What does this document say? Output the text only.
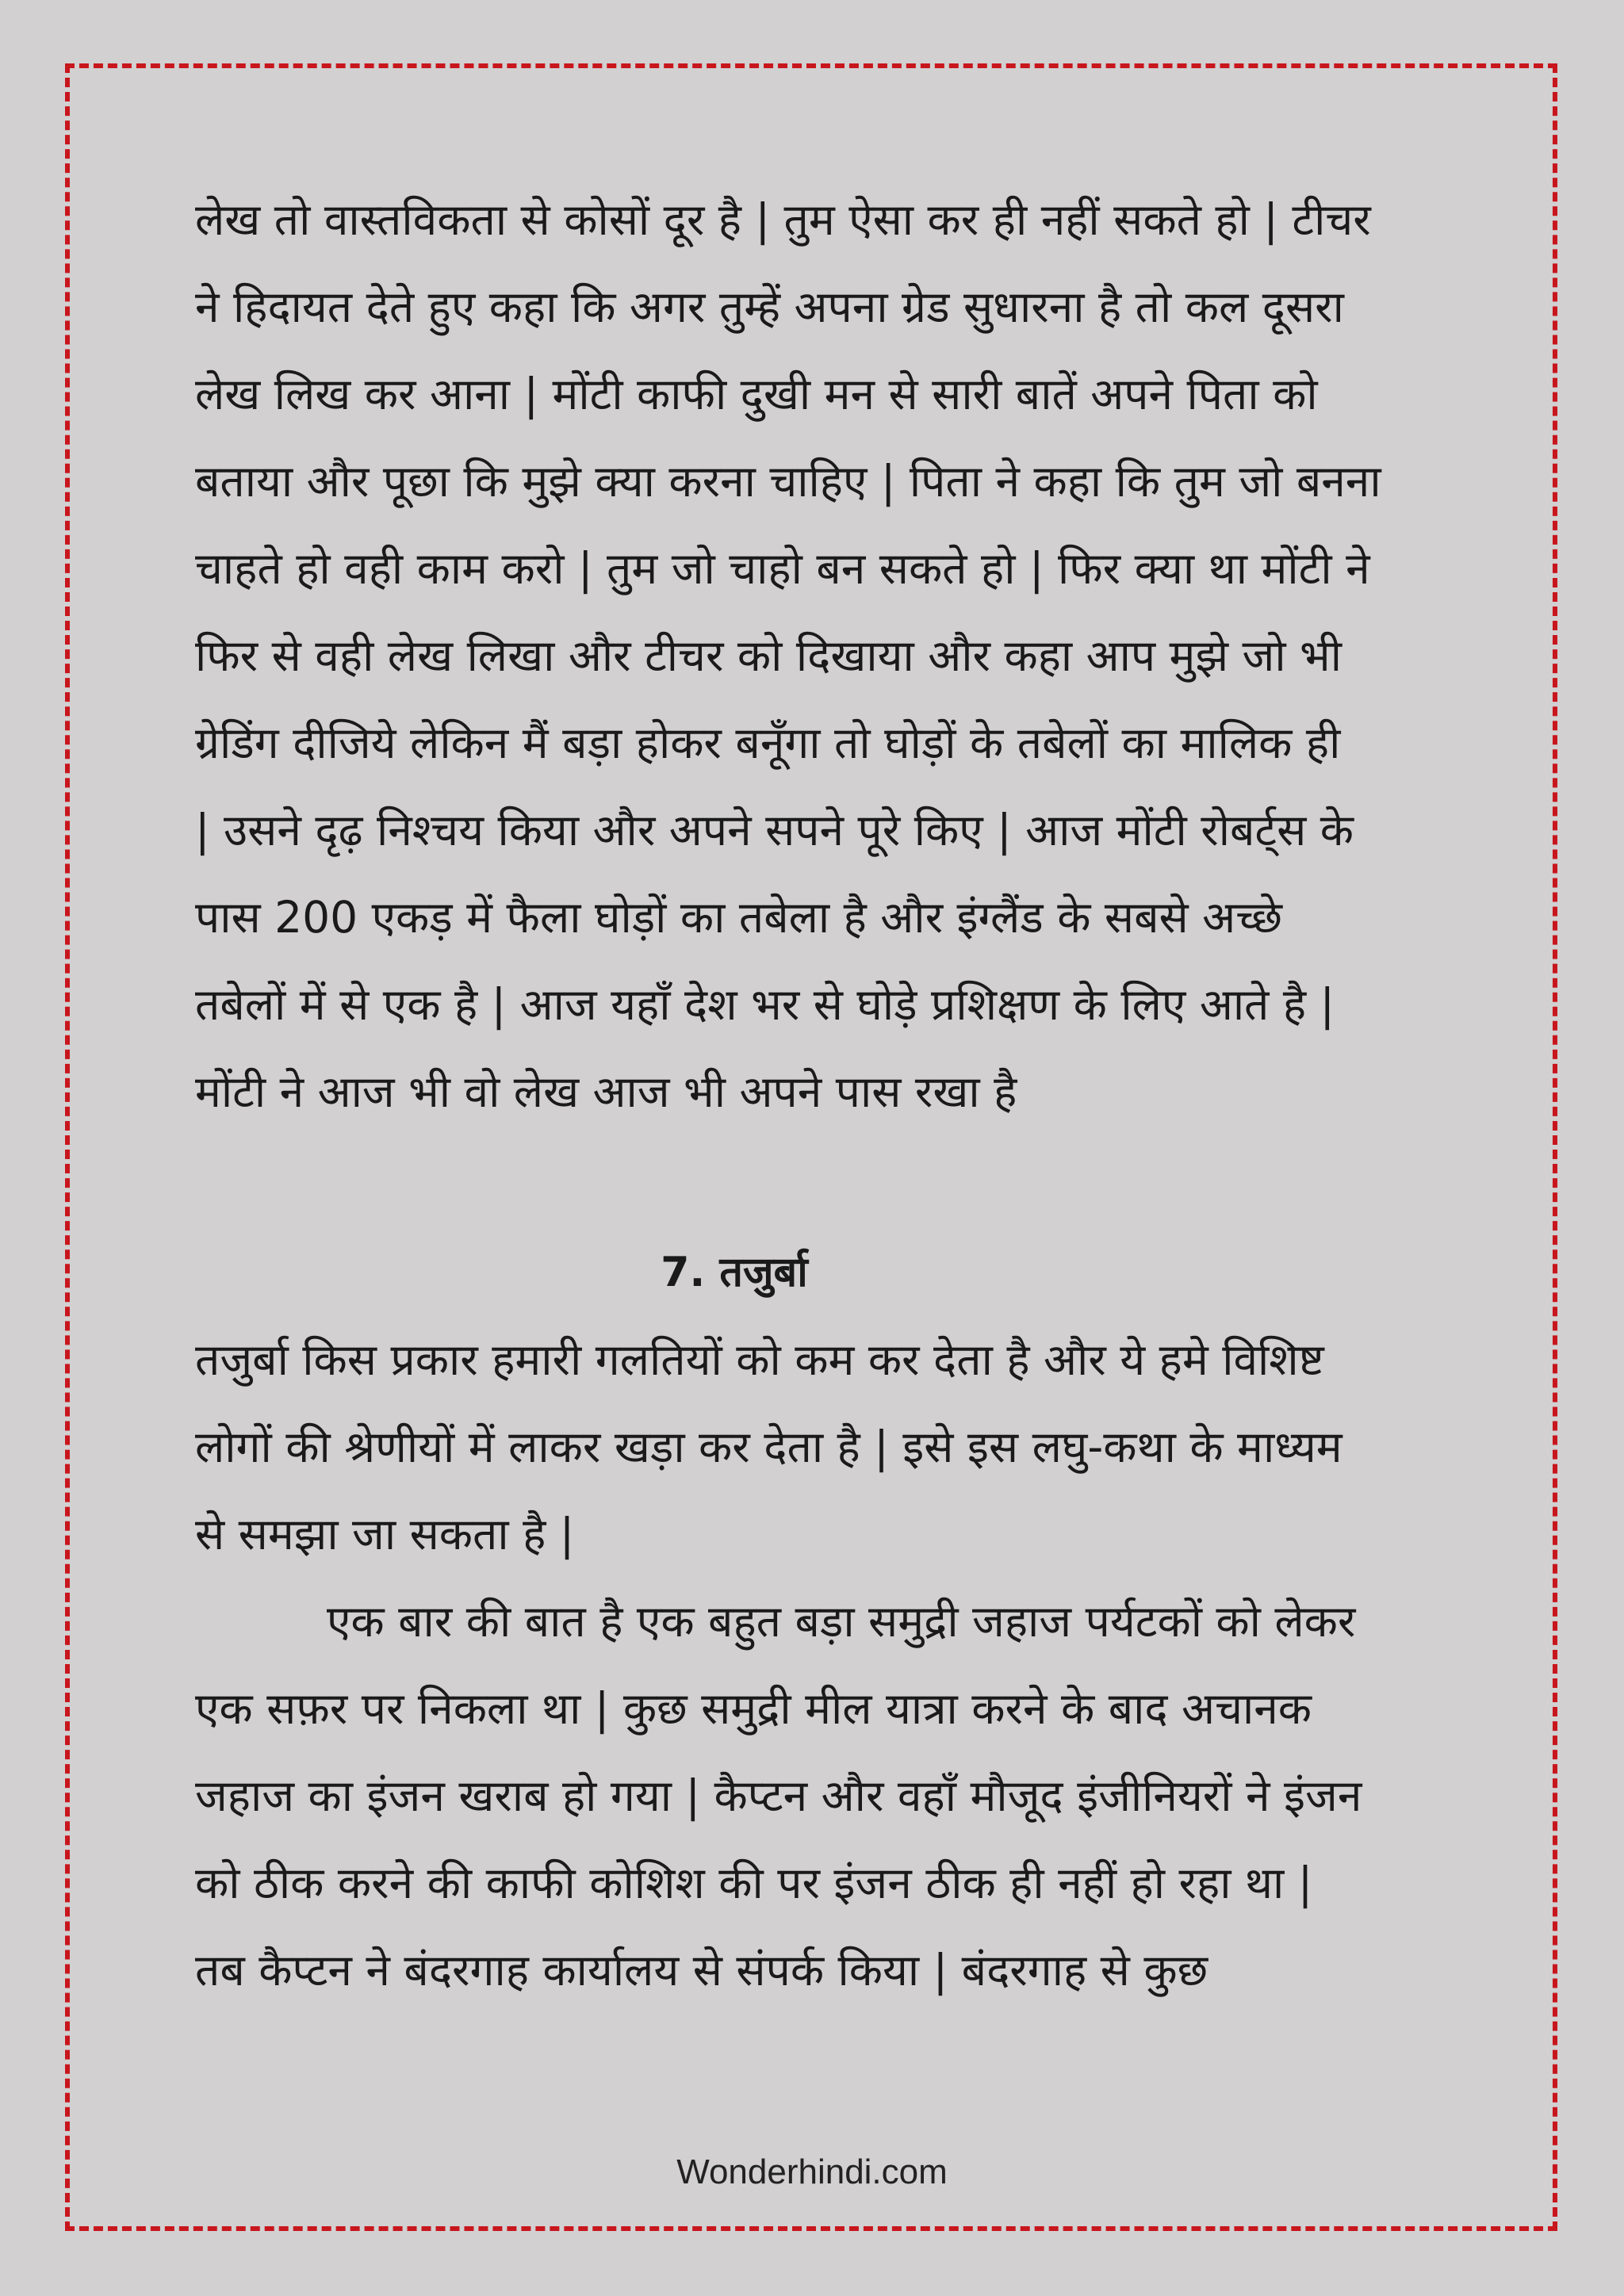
लेख तो वास्तविकता से कोसों दूर है | तुम ऐसा कर ही नहीं सकते हो | टीचर

ने हिदायत देते हुए कहा कि अगर तुम्हें अपना ग्रेड सुधारना है तो कल दूसरा

लेख लिख कर आना | मोंटी काफी दुखी मन से सारी बातें अपने पिता को

बताया और पूछा कि मुझे क्या करना चाहिए | पिता ने कहा कि तुम जो बनना

चाहते हो वही काम करो | तुम जो चाहो बन सकते हो | फिर क्या था मोंटी ने

फिर से वही लेख लिखा और टीचर को दिखाया और कहा आप मुझे जो भी

ग्रेडिंग दीजिये लेकिन मैं बड़ा होकर बनूँगा तो घोड़ों के तबेलों का मालिक ही

| उसने दृढ़ निश्चय किया और अपने सपने पूरे किए | आज मोंटी रोबर्ट्स के

पास 200 एकड़ में फैला घोड़ों का तबेला है और इंग्लैंड के सबसे अच्छे

तबेलों में से एक है | आज यहाँ देश भर से घोड़े प्रशिक्षण के लिए आते है |

मोंटी ने आज भी वो लेख आज भी अपने पास रखा है

7. तजुर्बा

तजुर्बा किस प्रकार हमारी गलतियों को कम कर देता है और ये हमे विशिष्ट

लोगों की श्रेणीयों में लाकर खड़ा कर देता है | इसे इस लघु-कथा के माध्यम

से समझा जा सकता है |

एक बार की बात है एक बहुत बड़ा समुद्री जहाज पर्यटकों को लेकर

एक सफ़र पर निकला था | कुछ समुद्री मील यात्रा करने के बाद अचानक

जहाज का इंजन खराब हो गया | कैप्टन और वहाँ मौजूद इंजीनियरों ने इंजन

को ठीक करने की काफी कोशिश की पर इंजन ठीक ही नहीं हो रहा था |

तब कैप्टन ने बंदरगाह कार्यालय से संपर्क किया | बंदरगाह से कुछ

Wonderhindi.com
